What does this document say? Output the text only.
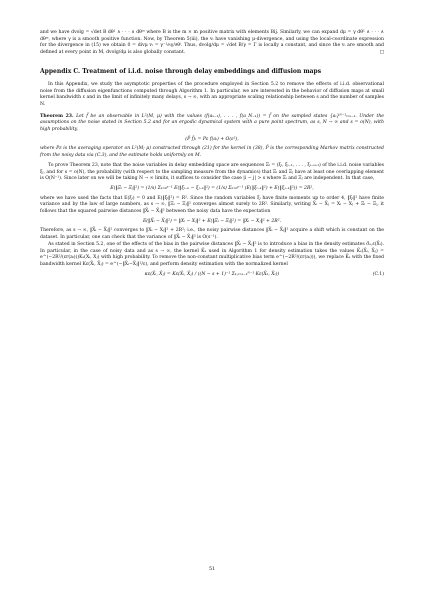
and we have dvolg = √det B dθ¹ ∧ · · · ∧ dθᵐ where B is the m × m positive matrix with elements Bij. Similarly, we can expand dμ = γ dθ¹ ∧ · · · ∧ dθᵐ, where γ is a smooth positive function. Now, by Theorem 5(iii), the vᵢ have vanishing μ-divergence, and using the local-coordinate expression for the divergence in (15) we obtain 0 = divμ vᵢ = γ⁻¹∂ᵢγ/∂θⁱ. Thus, dvolg/dμ = √det B/γ = Γ is locally a constant, and since the vᵢ are smooth and defined at every point in M, dvolg/dμ is also globally constant.	□

Appendix C. Treatment of i.i.d. noise through delay embeddings and diffusion maps

In this Appendix, we study the asymptotic properties of the procedure employed in Section 5.2 to remove the effects of i.i.d. observational noise from the diffusion eigenfunctions computed through Algorithm 1. In particular, we are interested in the behavior of diffusion maps at small kernel bandwidth ε and in the limit of infinitely many delays, s → ∞, with an appropriate scaling relationship between s and the number of samples N.

Theorem 23. Let f̃ be an observable in L²(M, μ) with the values (f(aₛ₋₁), . . . , f(a_N₋₁)) = f̃ on the sampled states {aᵢ}ᴺ⁻¹ᵢ₌ₛ₋₁. Under the assumptions on the noise stated in Section 5.2 and for an ergodic dynamical system with a pure point spectrum, as s, N → ∞ and s = o(N), with high probability,

(P̃ f̃)ᵢ = Pε f(aᵢ) + O(ε²),

where Pε is the averaging operator on L²(M; μ) constructed through (21) for the kernel in (38), P̃ is the corresponding Markov matrix constructed from the noisy data via (C.3), and the estimate holds uniformly on M.

To prove Theorem 23, note that the noise variables in delay embedding space are sequences Ξᵢ = (ξᵢ, ξᵢ₋₁, . . . , ξᵢ₋ₛ₊₁) of the i.i.d. noise variables ξᵢ, and for s = o(N), the probability (with respect to the sampling measure from the dynamics) that Ξᵢ and Ξⱼ have at least one overlapping element is O(N⁻¹). Since later on we will be taking N → ∞ limits, it suffices to consider the case |i − j| > s where Ξᵢ and Ξⱼ are independent. In that case,

E(‖Ξᵢ − Ξⱼ‖²) = (1/s) Σₖ₌₀ˢ⁻¹ E(‖ξᵢ₋ₖ − ξⱼ₋ₖ‖²) = (1/s) Σₖ₌₀ˢ⁻¹ (E(‖ξᵢ₋ₖ‖²) + E(‖ξⱼ₋ₖ‖²)) = 2R²,

where we have used the facts that E(ξᵢ) = 0 and E(‖ξᵢ‖²) = R². Since the random variables ξᵢ have finite moments up to order 4, ‖ξᵢ‖² have finite variance and by the law of large numbers, as s → ∞, ‖Ξᵢ − Ξⱼ‖² converges almost surely to 2R². Similarly, writing X̃ᵢ − X̃ⱼ = Xᵢ − Xⱼ + Ξᵢ − Ξⱼ, it follows that the squared pairwise distances ‖X̃ᵢ − X̃ⱼ‖² between the noisy data have the expectation

E(‖X̃ᵢ − X̃ⱼ‖²) = ‖Xᵢ − Xⱼ‖² + E(‖Ξᵢ − Ξⱼ‖²) = ‖Xᵢ − Xⱼ‖² + 2R².

Therefore, as s → ∞, ‖X̃ᵢ − X̃ⱼ‖² converges to ‖Xᵢ − Xⱼ‖² + 2R²; i.e., the noisy pairwise distances ‖X̃ᵢ − X̃ⱼ‖² acquire a shift which is constant on the dataset. In particular, one can check that the variance of ‖X̃ᵢ − X̃ⱼ‖² is O(s⁻¹).

As stated in Section 5.2, one of the effects of the bias in the pairwise distances ‖X̃ᵢ − X̃ⱼ‖² is to introduce a bias in the density estimates σ̃ₛ,ε(X̃ᵢ). In particular, in the case of noisy data and as s → ∞, the kernel K̃ₛ used in Algorithm 1 for density estimation takes the values K̃ₛ(X̃ᵢ, X̃ⱼ) = e^(−2R²/(εr(aᵢ)))Kₛ(Xᵢ, Xⱼ) with high probability. To remove the non-constant multiplicative bias term e^(−2R²/(εr(aᵢ))), we replace K̃ₛ with the fixed bandwidth kernel Kε(X̃ᵢ, X̃ⱼ) = e^(−‖X̃ᵢ−X̃ⱼ‖²/ε), and perform density estimation with the normalized kernel

κε(X̃ᵢ, X̃ⱼ) = Kε(X̃ᵢ, X̃ⱼ) / ((N − s + 1)⁻¹ Σₖ,ₗ₌ₛ₋₁ᴺ⁻¹ Kε(X̃ₖ, X̃ₗ))	(C.1)
51
